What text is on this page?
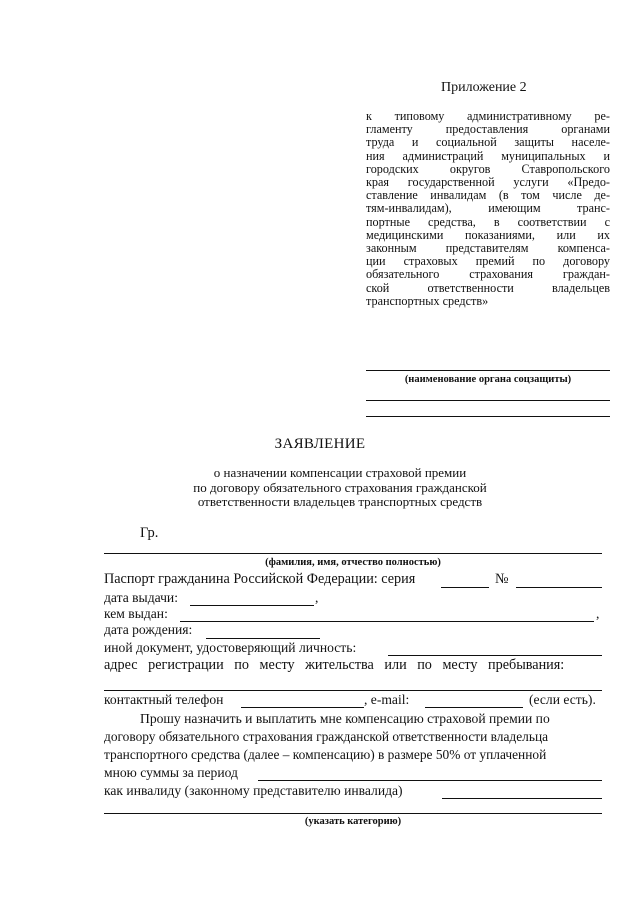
Приложение 2
к типовому административному ре-
гламенту предоставления органами
труда и социальной защиты населе-
ния администраций муниципальных и
городских округов Ставропольского
края государственной услуги «Предо-
ставление инвалидам (в том числе де-
тям-инвалидам), имеющим транс-
портные средства, в соответствии с
медицинскими показаниями, или их
законным представителям компенса-
ции страховых премий по договору
обязательного страхования граждан-
ской ответственности владельцев
транспортных средств»
(наименование органа соцзащиты)
ЗАЯВЛЕНИЕ
о назначении компенсации страховой премии
по договору обязательного страхования гражданской
ответственности владельцев транспортных средств
Гр.
(фамилия, имя, отчество полностью)
Паспорт гражданина Российской Федерации: серия	№
дата выдачи:	,
кем выдан:	,
дата рождения:
иной документ, удостоверяющий личность:
адрес регистрации по месту жительства или по месту пребывания:
контактный телефон	, e-mail:	(если есть).
Прошу назначить и выплатить мне компенсацию страховой премии по
договору обязательного страхования гражданской ответственности владельца
транспортного средства (далее – компенсацию) в размере 50% от уплаченной
мною суммы за период
как инвалиду (законному представителю инвалида)
(указать категорию)
